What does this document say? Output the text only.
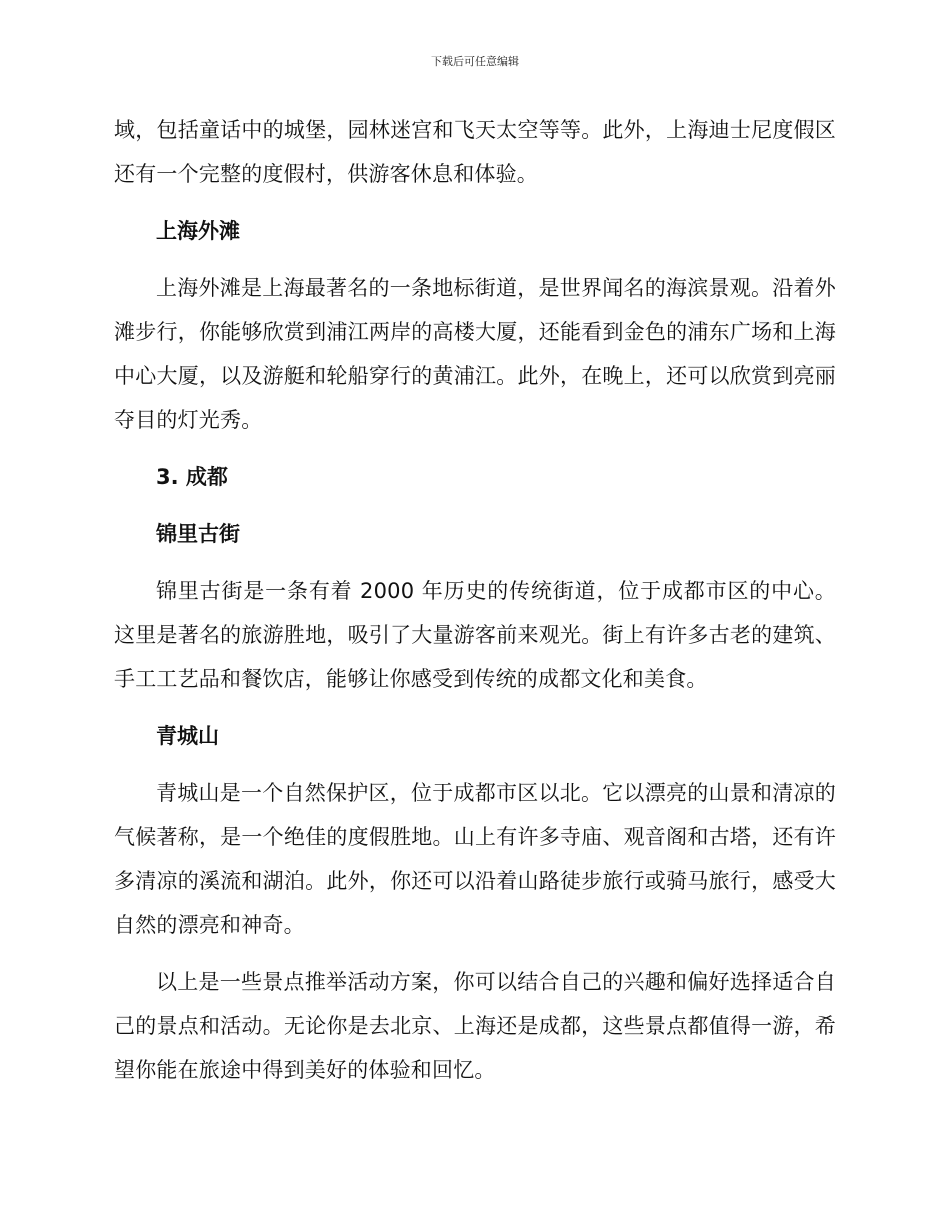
下载后可任意编辑

域，包括童话中的城堡，园林迷宫和飞天太空等等。此外，上海迪士尼度假区还有一个完整的度假村，供游客休息和体验。

上海外滩

上海外滩是上海最著名的一条地标街道，是世界闻名的海滨景观。沿着外滩步行，你能够欣赏到浦江两岸的高楼大厦，还能看到金色的浦东广场和上海中心大厦，以及游艇和轮船穿行的黄浦江。此外，在晚上，还可以欣赏到亮丽夺目的灯光秀。

3. 成都

锦里古街

锦里古街是一条有着 2000 年历史的传统街道，位于成都市区的中心。这里是著名的旅游胜地，吸引了大量游客前来观光。街上有许多古老的建筑、手工工艺品和餐饮店，能够让你感受到传统的成都文化和美食。

青城山

青城山是一个自然保护区，位于成都市区以北。它以漂亮的山景和清凉的气候著称，是一个绝佳的度假胜地。山上有许多寺庙、观音阁和古塔，还有许多清凉的溪流和湖泊。此外，你还可以沿着山路徒步旅行或骑马旅行，感受大自然的漂亮和神奇。

以上是一些景点推举活动方案，你可以结合自己的兴趣和偏好选择适合自己的景点和活动。无论你是去北京、上海还是成都，这些景点都值得一游，希望你能在旅途中得到美好的体验和回忆。
